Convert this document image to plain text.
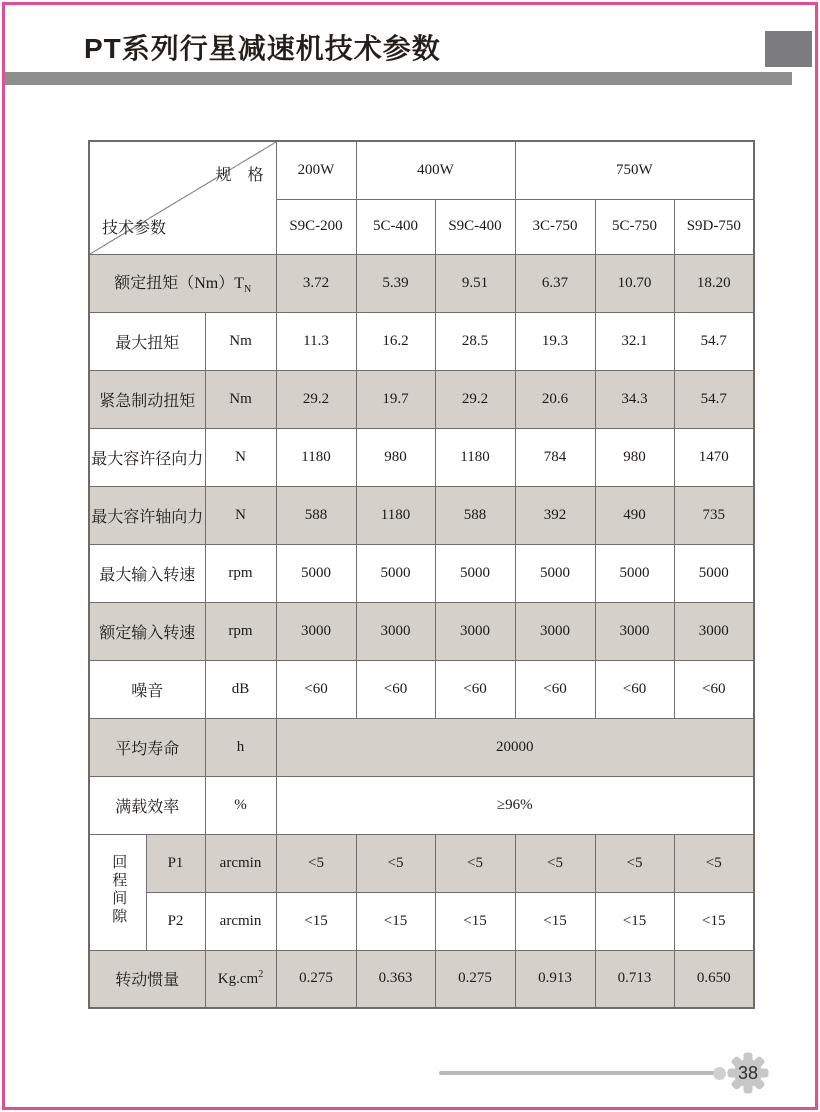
PT系列行星减速机技术参数
规　格
技术参数			200W	400W		750W		
			S9C-200	5C-400	S9C-400	3C-750	5C-750	S9D-750
额定扭矩$(Nm)T_N$			3.72	5.39	9.51	6.37	10.70	18.20
最大扭矩		Nm	11.3	16.2	28.5	19.3	32.1	54.7
紧急制动扭矩		Nm	29.2	19.7	29.2	20.6	34.3	54.7
最大容许径向力		N	1180	980	1180	784	980	1470
最大容许轴向力		N	588	1180	588	392	490	735
最大输入转速		rpm	5000	5000	5000	5000	5000	5000
额定输入转速		rpm	3000	3000	3000	3000	3000	3000
噪音		dB	<60	<60	<60	<60	<60	<60
平均寿命		h	20000					
满载效率		%	≥96%					
回程间隙	P1	arcmin	<5	<5	<5	<5	<5	<5
	P2	arcmin	<15	<15	<15	<15	<15	<15
转动惯量		$Kg.cm^2$	0.275	0.363	0.275	0.913	0.713	0.650
38
